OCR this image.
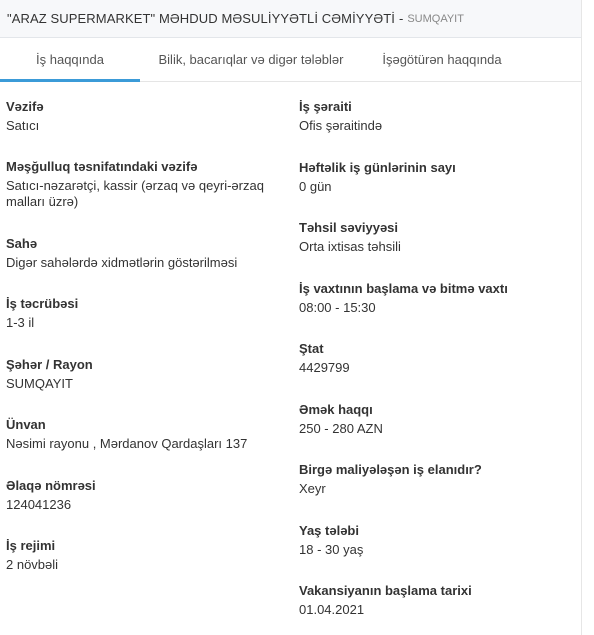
"ARAZ SUPERMARKET" MƏHDUD MƏSULİYYƏTLİ CƏMİYYƏTİ - SUMQAYIT
İş haqqında	Bilik, bacarıqlar və digər tələblər	İşəgötürən haqqında
Vəzifə
Satıcı
Məşğulluq təsnifatındaki vəzifə
Satıcı-nəzarətçi, kassir (ərzaq və qeyri-ərzaq
malları üzrə)
Sahə
Digər sahələrdə xidmətlərin göstərilməsi
İş təcrübəsi
1-3 il
Şəhər / Rayon
SUMQAYIT
Ünvan
Nəsimi rayonu , Mərdanov Qardaşları 137
Əlaqə nömrəsi
124041236
İş rejimi
2 növbəli
İş şəraiti
Ofis şəraitində
Həftəlik iş günlərinin sayı
0 gün
Təhsil səviyyəsi
Orta ixtisas təhsili
İş vaxtının başlama və bitmə vaxtı
08:00 - 15:30
Ştat
4429799
Əmək haqqı
250 - 280 AZN
Birgə maliyələşən iş elanıdır?
Xeyr
Yaş tələbi
18 - 30 yaş
Vakansiyanın başlama tarixi
01.04.2021
